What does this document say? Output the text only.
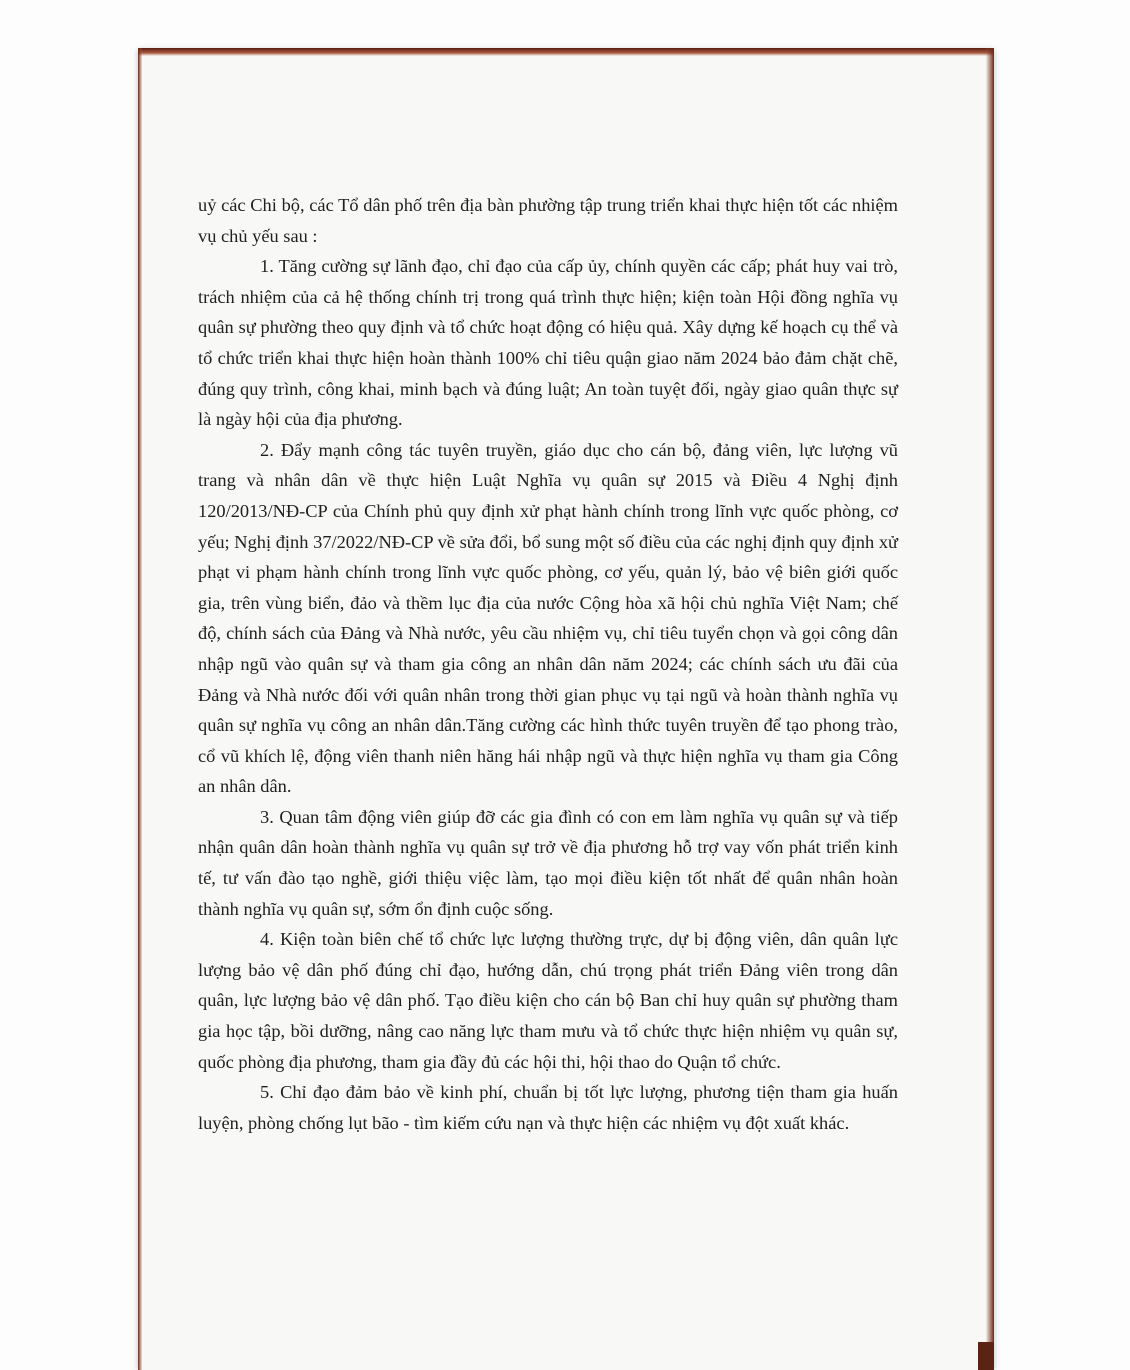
uỷ các Chi bộ, các Tổ dân phố trên địa bàn phường tập trung triển khai thực hiện tốt các nhiệm vụ chủ yếu sau :

1. Tăng cường sự lãnh đạo, chỉ đạo của cấp ủy, chính quyền các cấp; phát huy vai trò, trách nhiệm của cả hệ thống chính trị trong quá trình thực hiện; kiện toàn Hội đồng nghĩa vụ quân sự phường theo quy định và tổ chức hoạt động có hiệu quả. Xây dựng kế hoạch cụ thể và tổ chức triển khai thực hiện hoàn thành 100% chỉ tiêu quận giao năm 2024 bảo đảm chặt chẽ, đúng quy trình, công khai, minh bạch và đúng luật; An toàn tuyệt đối, ngày giao quân thực sự là ngày hội của địa phương.

2. Đẩy mạnh công tác tuyên truyền, giáo dục cho cán bộ, đảng viên, lực lượng vũ trang và nhân dân về thực hiện Luật Nghĩa vụ quân sự 2015 và Điều 4 Nghị định 120/2013/NĐ-CP của Chính phủ quy định xử phạt hành chính trong lĩnh vực quốc phòng, cơ yếu; Nghị định 37/2022/NĐ-CP về sửa đổi, bổ sung một số điều của các nghị định quy định xử phạt vi phạm hành chính trong lĩnh vực quốc phòng, cơ yếu, quản lý, bảo vệ biên giới quốc gia, trên vùng biển, đảo và thềm lục địa của nước Cộng hòa xã hội chủ nghĩa Việt Nam; chế độ, chính sách của Đảng và Nhà nước, yêu cầu nhiệm vụ, chỉ tiêu tuyển chọn và gọi công dân nhập ngũ vào quân sự và tham gia công an nhân dân năm 2024; các chính sách ưu đãi của Đảng và Nhà nước đối với quân nhân trong thời gian phục vụ tại ngũ và hoàn thành nghĩa vụ quân sự nghĩa vụ công an nhân dân.Tăng cường các hình thức tuyên truyền để tạo phong trào, cổ vũ khích lệ, động viên thanh niên hăng hái nhập ngũ và thực hiện nghĩa vụ tham gia Công an nhân dân.

3. Quan tâm động viên giúp đỡ các gia đình có con em làm nghĩa vụ quân sự và tiếp nhận quân dân hoàn thành nghĩa vụ quân sự trở về địa phương hỗ trợ vay vốn phát triển kinh tế, tư vấn đào tạo nghề, giới thiệu việc làm, tạo mọi điều kiện tốt nhất để quân nhân hoàn thành nghĩa vụ quân sự, sớm ổn định cuộc sống.

4. Kiện toàn biên chế tổ chức lực lượng thường trực, dự bị động viên, dân quân lực lượng bảo vệ dân phố đúng chỉ đạo, hướng dẫn, chú trọng phát triển Đảng viên trong dân quân, lực lượng bảo vệ dân phố. Tạo điều kiện cho cán bộ Ban chỉ huy quân sự phường tham gia học tập, bồi dưỡng, nâng cao năng lực tham mưu và tổ chức thực hiện nhiệm vụ quân sự, quốc phòng địa phương, tham gia đầy đủ các hội thi, hội thao do Quận tổ chức.

5. Chỉ đạo đảm bảo về kinh phí, chuẩn bị tốt lực lượng, phương tiện tham gia huấn luyện, phòng chống lụt bão - tìm kiếm cứu nạn và thực hiện các nhiệm vụ đột xuất khác.
